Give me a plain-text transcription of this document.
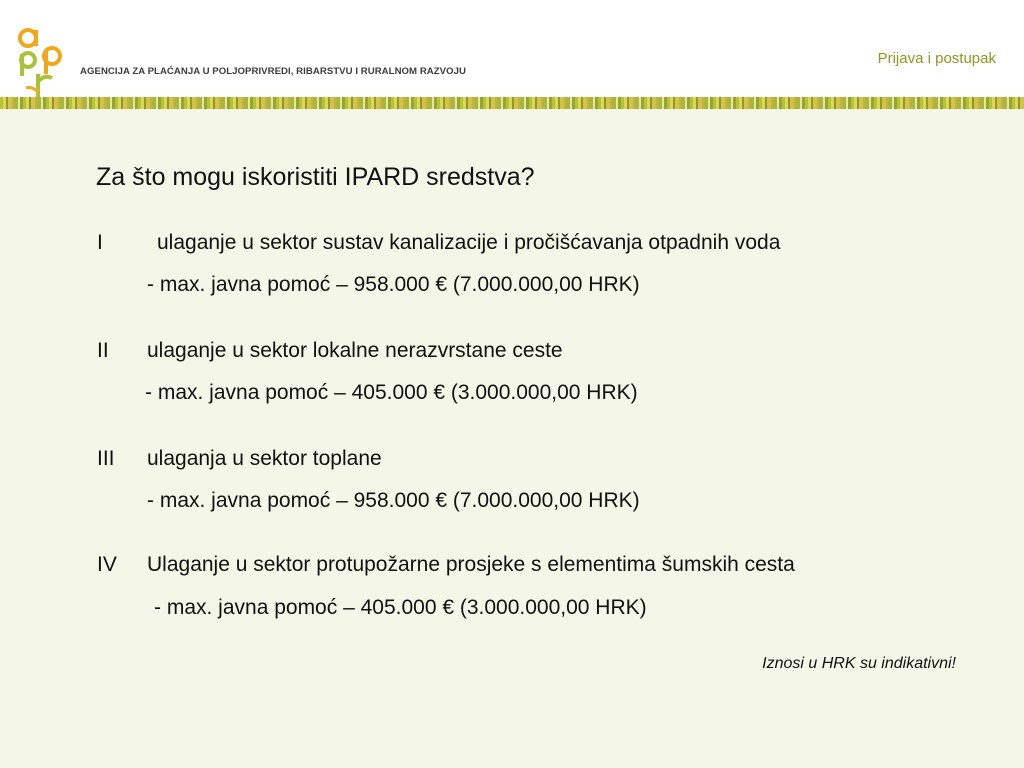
AGENCIJA ZA PLAĆANJA U POLJOPRIVREDI, RIBARSTVU I RURALNOM RAZVOJU
Prijava i postupak
Za što mogu iskoristiti IPARD sredstva?
I	ulaganje u sektor sustav kanalizacije i pročišćavanja otpadnih voda
- max. javna pomoć – 958.000 € (7.000.000,00 HRK)
II ulaganje u sektor lokalne nerazvrstane ceste
- max. javna pomoć – 405.000 € (3.000.000,00 HRK)
III ulaganja u sektor toplane
- max. javna pomoć – 958.000 € (7.000.000,00 HRK)
IV Ulaganje u sektor protupožarne prosjeke s elementima šumskih cesta
- max. javna pomoć – 405.000 € (3.000.000,00 HRK)
Iznosi u HRK su indikativni!
